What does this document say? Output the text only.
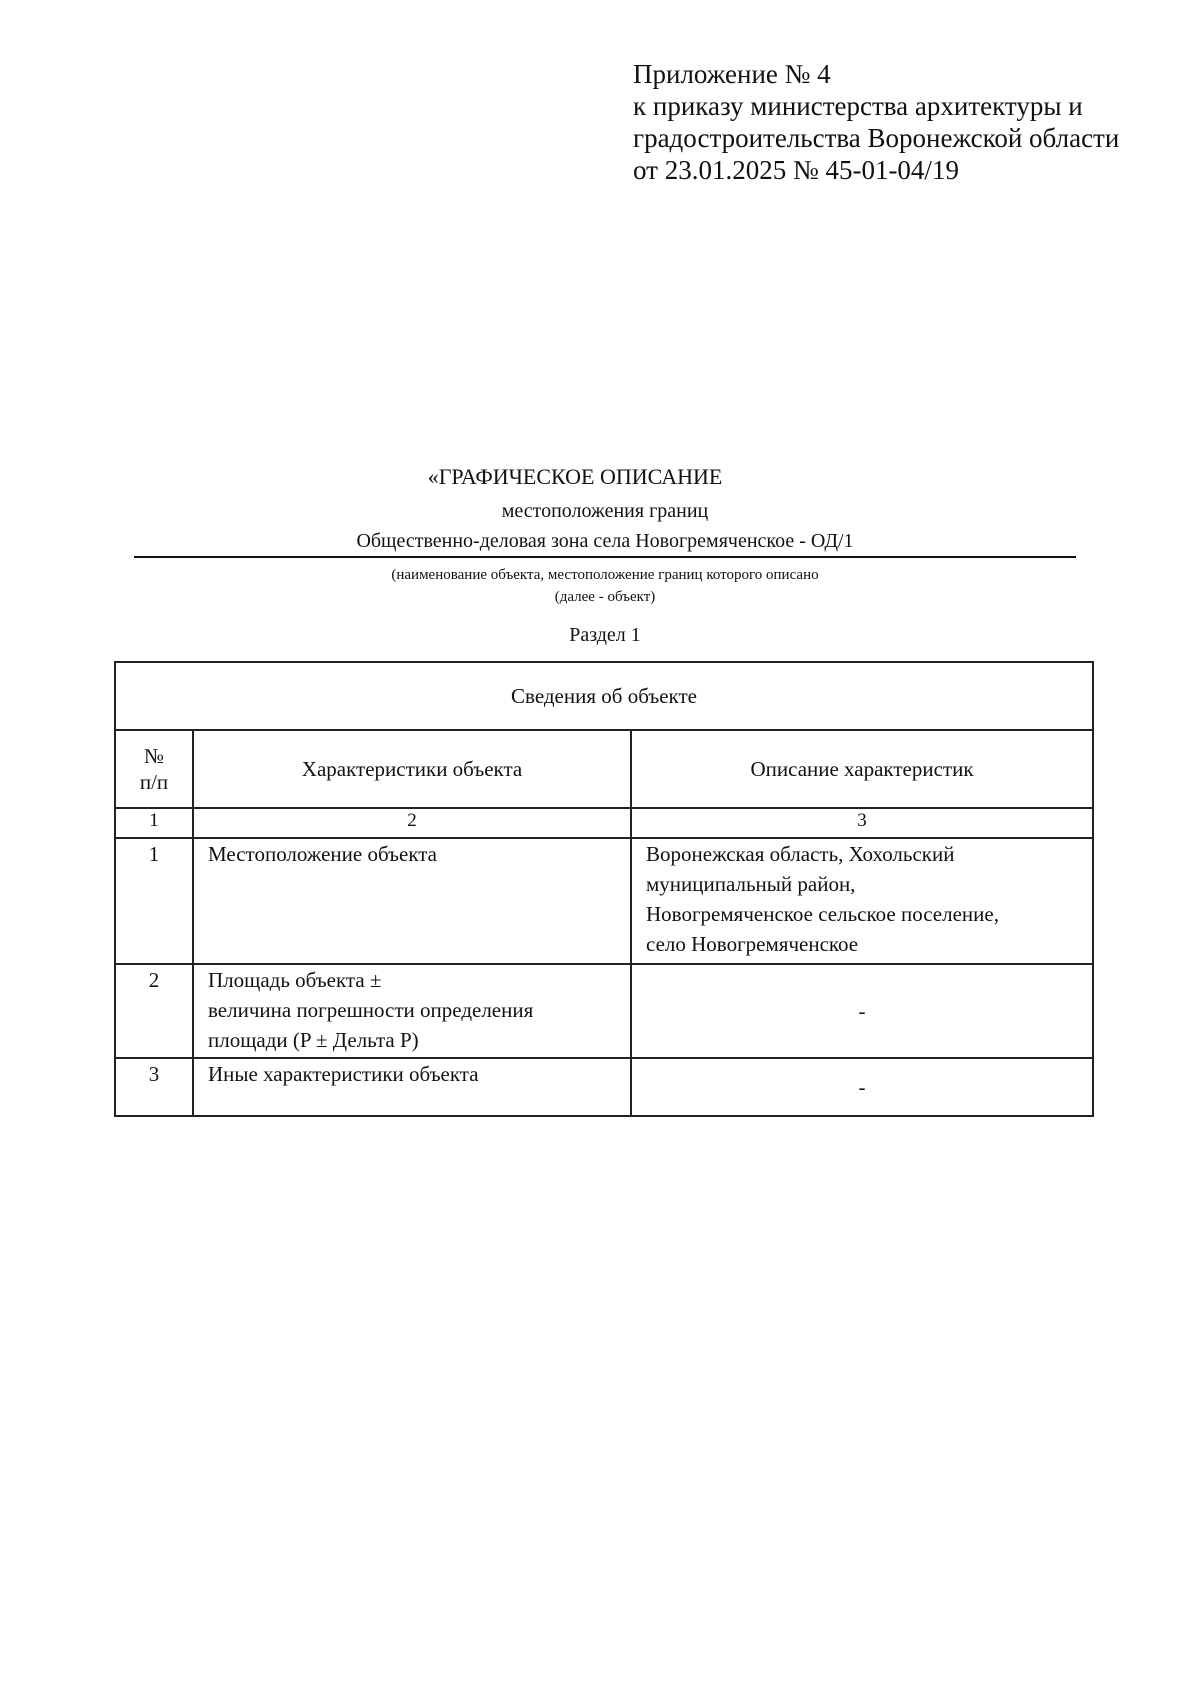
Приложение № 4
к приказу министерства архитектуры и
градостроительства Воронежской области
от 23.01.2025 № 45-01-04/19
«ГРАФИЧЕСКОЕ ОПИСАНИЕ
местоположения границ
Общественно-деловая зона села Новогремяченское - ОД/1
(наименование объекта, местоположение границ которого описано
(далее - объект)
Раздел 1
Сведения об объекте		

№
п/п	Характеристики объекта	Описание характеристик
1	2	3
1	Местоположение объекта	Воронежская область, Хохольский
муниципальный район,
Новогремяченское сельское поселение,
село Новогремяченское

2	Площадь объекта ±
величина погрешности определения
площади (P ± Дельта P)	-
3	Иные характеристики объекта	-
